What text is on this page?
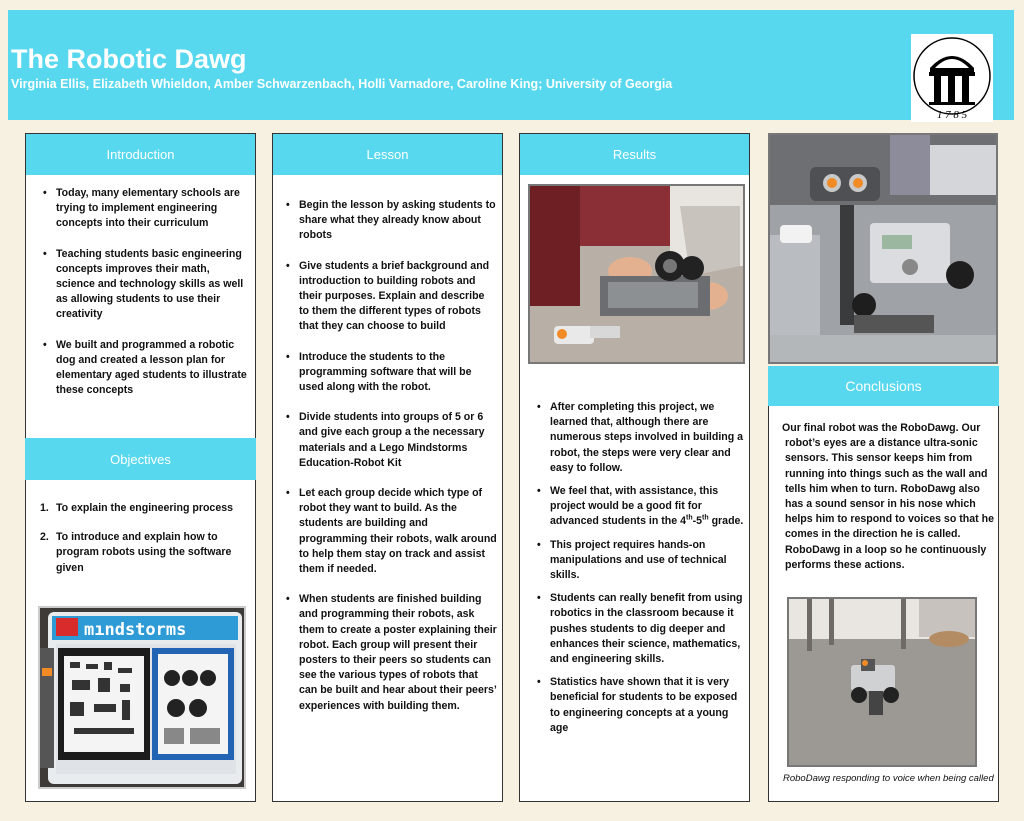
The Robotic Dawg
Virginia Ellis, Elizabeth Whieldon, Amber Schwarzenbach, Holli Varnadore, Caroline King; University of Georgia
1 7 8 5
Introduction
• Today, many elementary schools are trying to implement engineering concepts into their curriculum
• Teaching students basic engineering concepts improves their math, science and technology skills as well as allowing students to use their creativity
• We built and programmed a robotic dog and created a lesson plan for elementary aged students to illustrate these concepts
Objectives
1. To explain the engineering process
2. To introduce and explain how to program robots using the software given
mındstorms
Lesson
• Begin the lesson by asking students to share what they already know about robots
• Give students a brief background and introduction to building robots and their purposes. Explain and describe to them the different types of robots that they can choose to build
• Introduce the students to the programming software that will be used along with the robot.
• Divide students into groups of 5 or 6 and give each group a the necessary materials and a Lego Mindstorms Education-Robot Kit
• Let each group decide which type of robot they want to build. As the students are building and programming their robots, walk around to help them stay on track and assist them if needed.
• When students are finished building and programming their robots, ask them to create a poster explaining their robot. Each group will present their posters to their peers so students can see the various types of robots that can be built and hear about their peers’ experiences with building them.
Results
• After completing this project, we learned that, although there are numerous steps involved in building a robot, the steps were very clear and easy to follow.
• We feel that, with assistance, this project would be a good fit for advanced students in the 4th-5th grade.
• This project requires hands-on manipulations and use of technical skills.
• Students can really benefit from using robotics in the classroom because it pushes students to dig deeper and enhances their science, mathematics, and engineering skills.
• Statistics have shown that it is very beneficial for students to be exposed to engineering concepts at a young age
Conclusions
Our final robot was the RoboDawg. Our robot’s eyes are a distance ultra-sonic sensors. This sensor keeps him from running into things such as the wall and tells him when to turn. RoboDawg also has a sound sensor in his nose which helps him to respond to voices so that he comes in the direction he is called. RoboDawg in a loop so he continuously performs these actions.
RoboDawg responding to voice when being called
